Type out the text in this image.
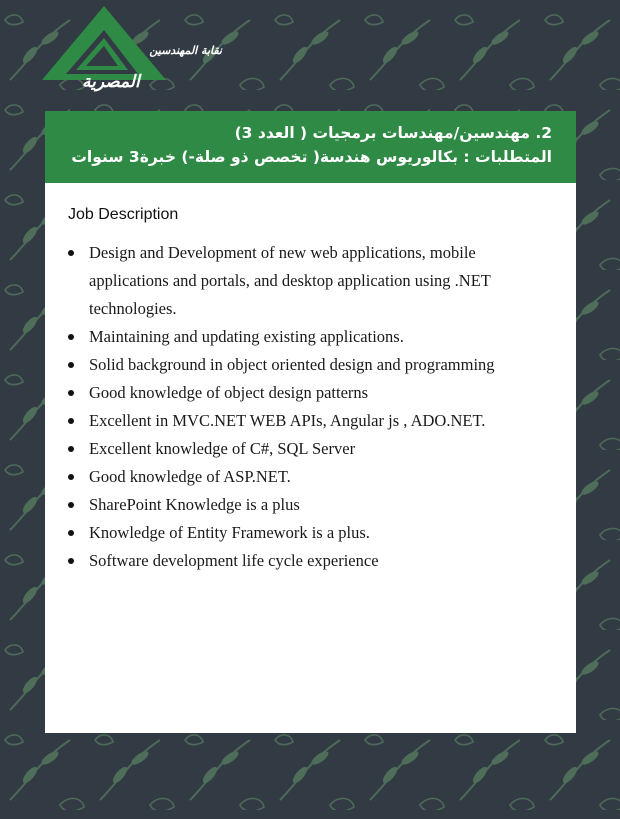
نقابة المهندسين
المصرية
2. مهندسين/مهندسات برمجيات ( العدد 3)
المتطلبات : بكالوريوس هندسة( تخصص ذو صلة-) خبرة3 سنوات
Job Description
Design and Development of new web applications, mobile applications and portals, and desktop application using .NET technologies.
Maintaining and updating existing applications.
Solid background in object oriented design and programming
Good knowledge of object design patterns
Excellent in MVC.NET WEB APIs, Angular js , ADO.NET.
Excellent knowledge of C#, SQL Server
Good knowledge of ASP.NET.
SharePoint Knowledge is a plus
Knowledge of Entity Framework is a plus.
Software development life cycle experience
